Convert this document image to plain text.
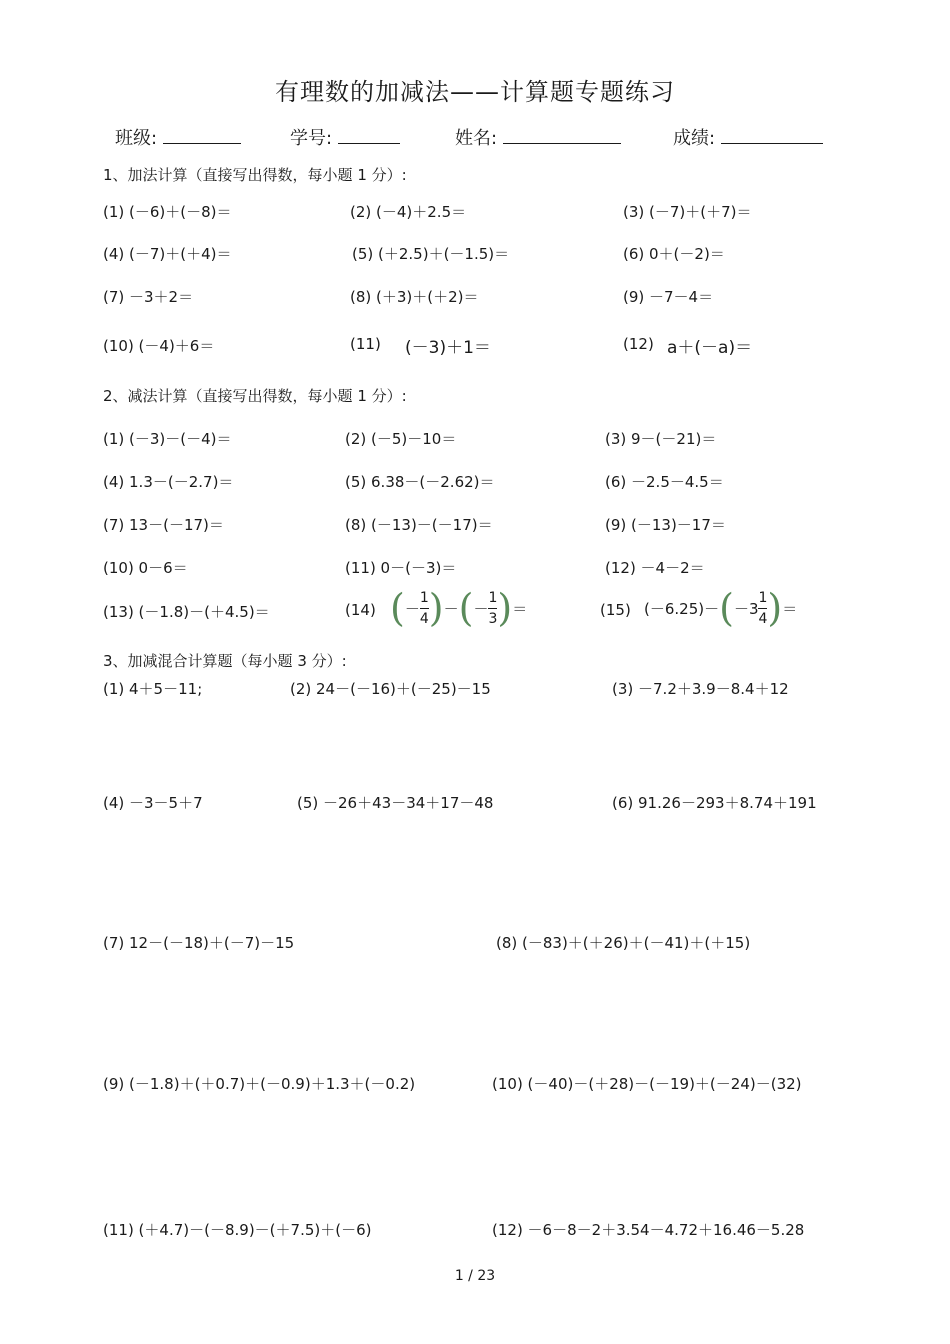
有理数的加减法——计算题专题练习
班级:	学号:	姓名:	成绩:
1、加法计算（直接写出得数，每小题 1 分）:
(1) (－6)＋(－8)＝	(2) (－4)＋2.5＝	(3) (－7)＋(＋7)＝
(4) (－7)＋(＋4)＝	(5) (＋2.5)＋(－1.5)＝	(6) 0＋(－2)＝
(7) －3＋2＝	(8) (＋3)＋(＋2)＝	(9) －7－4＝
(10) (－4)＋6＝	(11) (－3)＋1＝	(12) a＋(－a)＝
2、减法计算（直接写出得数，每小题 1 分）:
(1) (－3)－(－4)＝	(2) (－5)－10＝	(3) 9－(－21)＝
(4) 1.3－(－2.7)＝	(5) 6.38－(－2.62)＝	(6) －2.5－4.5＝
(7) 13－(－17)＝	(8) (－13)－(－17)＝	(9) (－13)－17＝
(10) 0－6＝	(11) 0－(－3)＝	(12) －4－2＝
(13) (－1.8)－(＋4.5)＝	(14) ( － $\frac{1}{4}$ ) － ( － $\frac{1}{3}$ ) ＝	(15) (－6.25)－ ( $-3 \frac{1}{4}$ ) ＝
3、加减混合计算题（每小题 3 分）:
(1) 4＋5－11;	(2) 24－(－16)＋(－25)－15	(3) －7.2＋3.9－8.4＋12
(4) －3－5＋7	(5) －26＋43－34＋17－48	(6) 91.26－293＋8.74＋191
(7) 12－(－18)＋(－7)－15	(8) (－83)＋(＋26)＋(－41)＋(＋15)
(9) (－1.8)＋(＋0.7)＋(－0.9)＋1.3＋(－0.2)	(10) (－40)－(＋28)－(－19)＋(－24)－(32)
(11) (＋4.7)－(－8.9)－(＋7.5)＋(－6)	(12) －6－8－2＋3.54－4.72＋16.46－5.28
1 / 23
